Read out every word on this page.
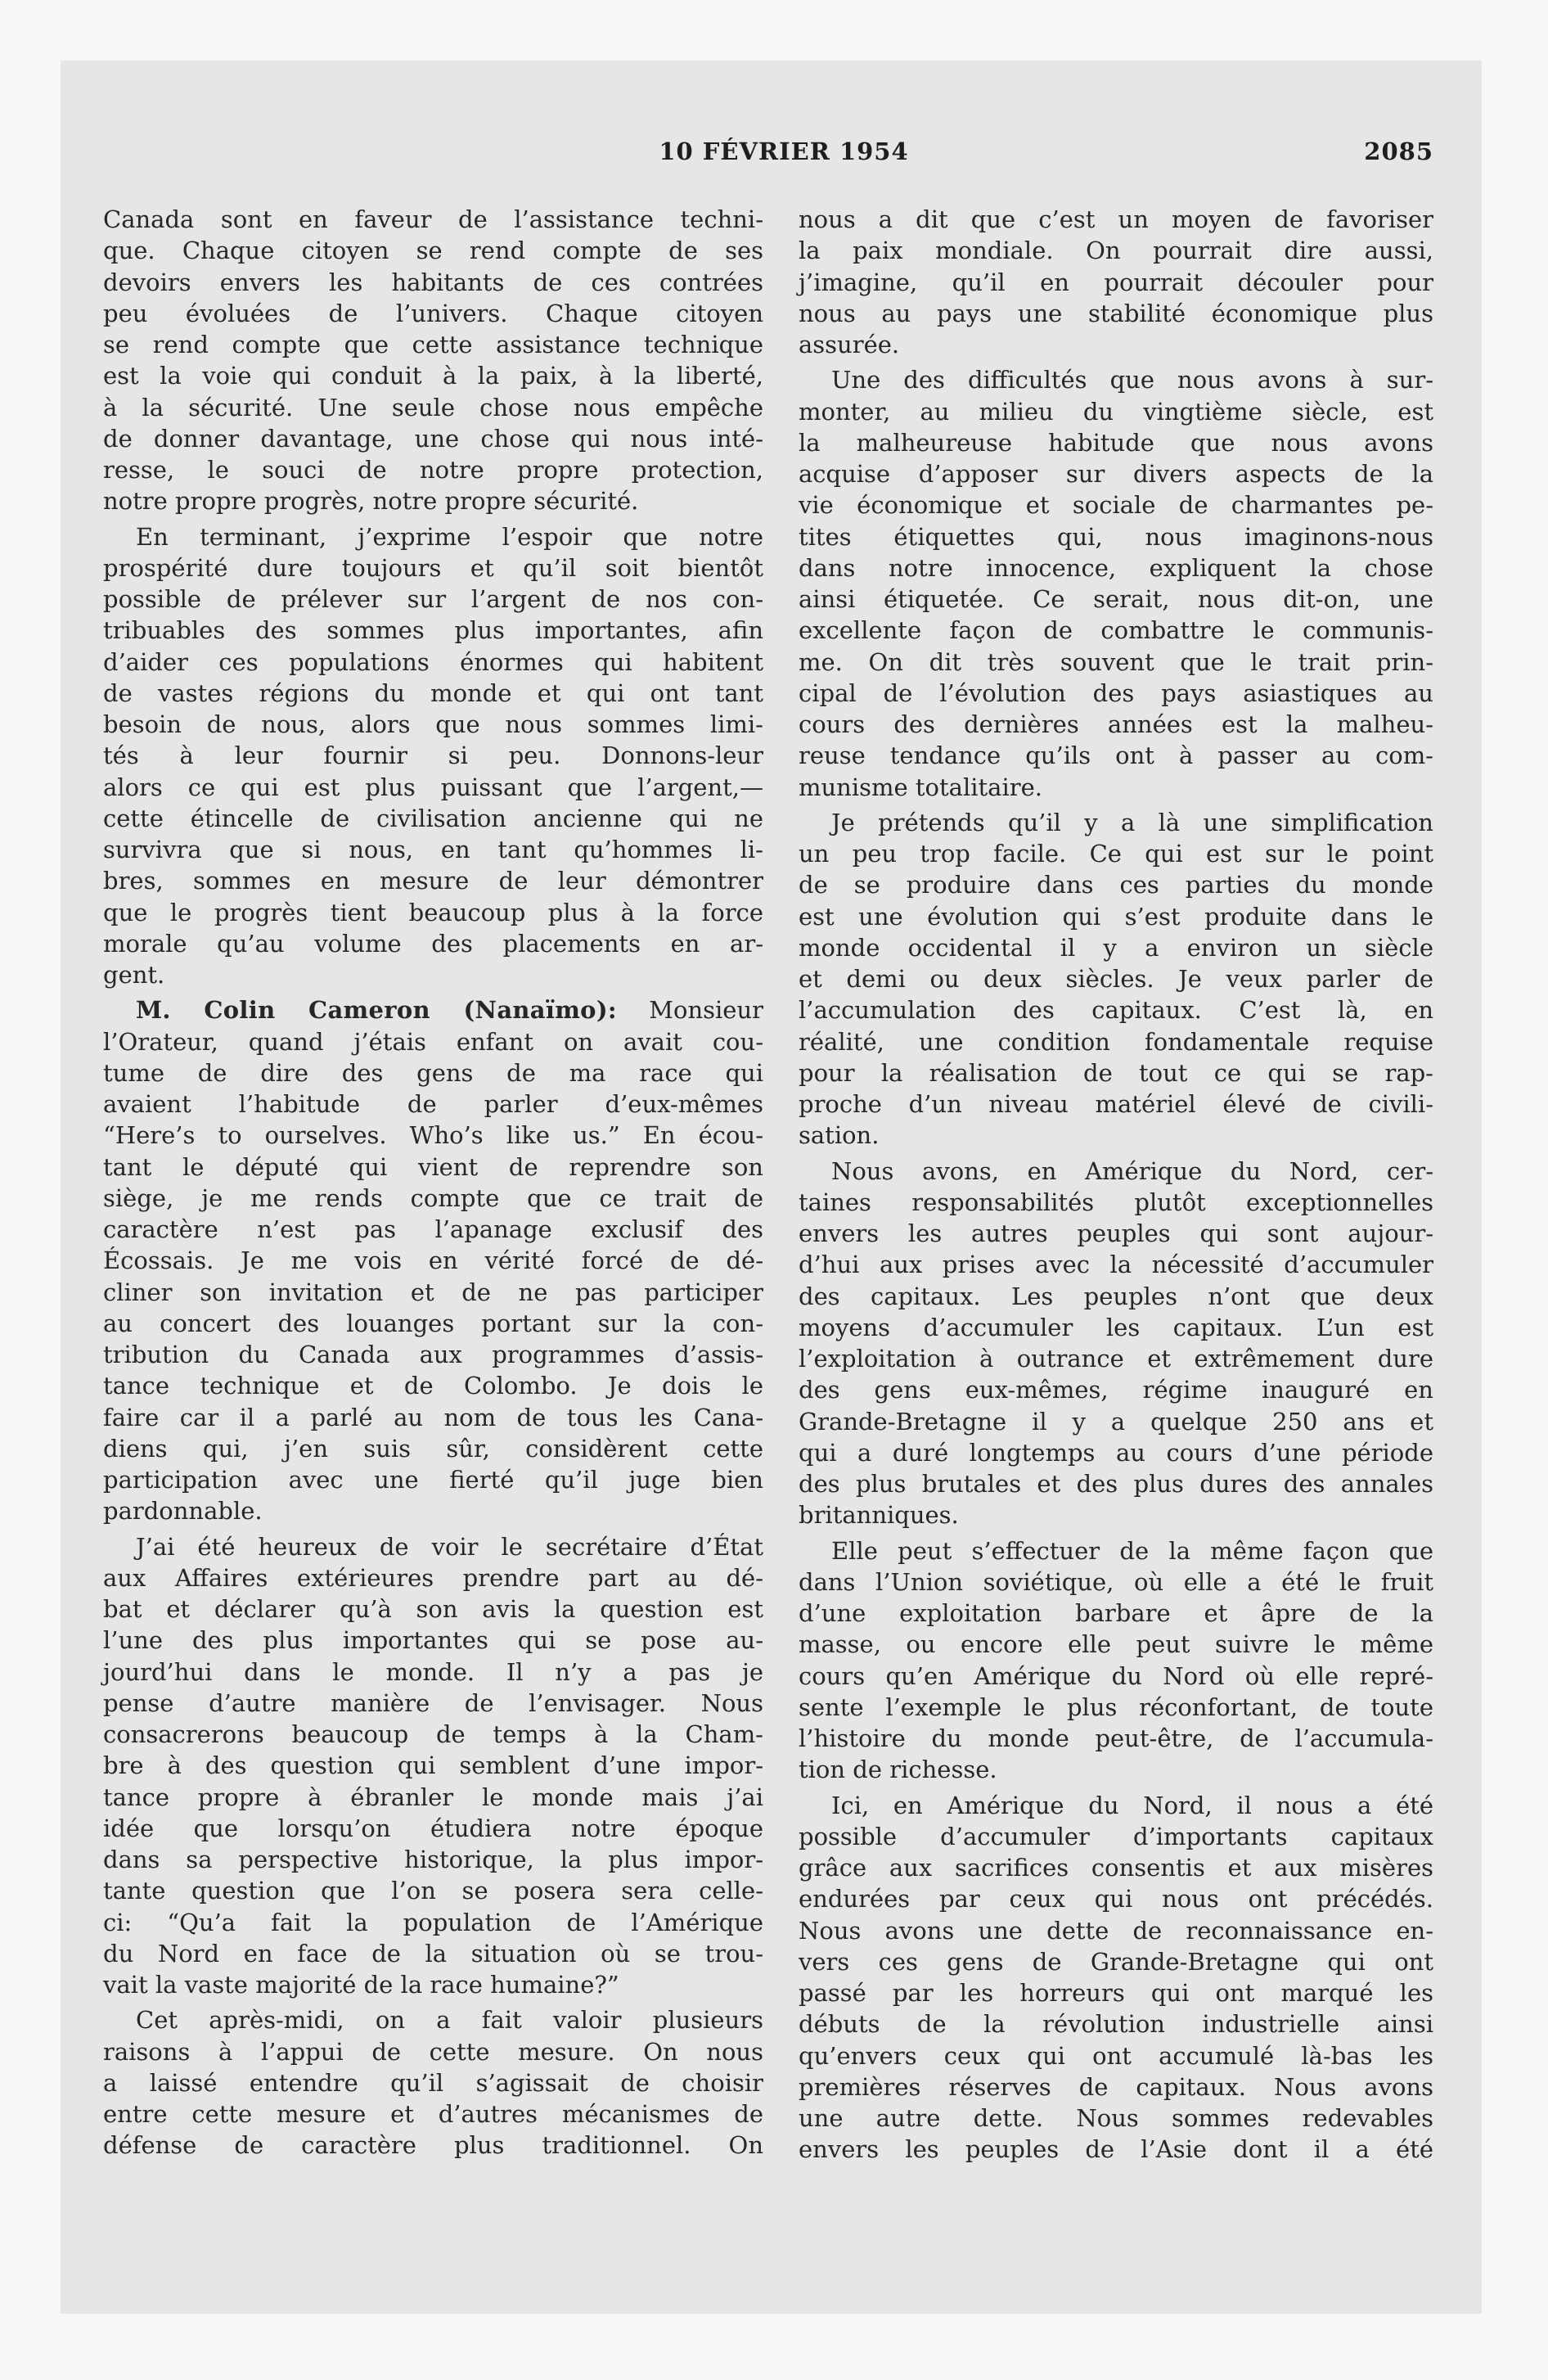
10 FÉVRIER 1954	2085
Canada sont en faveur de l’assistance techni-
que. Chaque citoyen se rend compte de ses
devoirs envers les habitants de ces contrées
peu évoluées de l’univers. Chaque citoyen
se rend compte que cette assistance technique
est la voie qui conduit à la paix, à la liberté,
à la sécurité. Une seule chose nous empêche
de donner davantage, une chose qui nous inté-
resse, le souci de notre propre protection,
notre propre progrès, notre propre sécurité.
En terminant, j’exprime l’espoir que notre
prospérité dure toujours et qu’il soit bientôt
possible de prélever sur l’argent de nos con-
tribuables des sommes plus importantes, afin
d’aider ces populations énormes qui habitent
de vastes régions du monde et qui ont tant
besoin de nous, alors que nous sommes limi-
tés à leur fournir si peu. Donnons-leur
alors ce qui est plus puissant que l’argent,—
cette étincelle de civilisation ancienne qui ne
survivra que si nous, en tant qu’hommes li-
bres, sommes en mesure de leur démontrer
que le progrès tient beaucoup plus à la force
morale qu’au volume des placements en ar-
gent.
M. Colin Cameron (Nanaïmo): Monsieur
l’Orateur, quand j’étais enfant on avait cou-
tume de dire des gens de ma race qui
avaient l’habitude de parler d’eux-mêmes
“Here’s to ourselves. Who’s like us.” En écou-
tant le député qui vient de reprendre son
siège, je me rends compte que ce trait de
caractère n’est pas l’apanage exclusif des
Écossais. Je me vois en vérité forcé de dé-
cliner son invitation et de ne pas participer
au concert des louanges portant sur la con-
tribution du Canada aux programmes d’assis-
tance technique et de Colombo. Je dois le
faire car il a parlé au nom de tous les Cana-
diens qui, j’en suis sûr, considèrent cette
participation avec une fierté qu’il juge bien
pardonnable.
J’ai été heureux de voir le secrétaire d’État
aux Affaires extérieures prendre part au dé-
bat et déclarer qu’à son avis la question est
l’une des plus importantes qui se pose au-
jourd’hui dans le monde. Il n’y a pas je
pense d’autre manière de l’envisager. Nous
consacrerons beaucoup de temps à la Cham-
bre à des question qui semblent d’une impor-
tance propre à ébranler le monde mais j’ai
idée que lorsqu’on étudiera notre époque
dans sa perspective historique, la plus impor-
tante question que l’on se posera sera celle-
ci: “Qu’a fait la population de l’Amérique
du Nord en face de la situation où se trou-
vait la vaste majorité de la race humaine?”
Cet après-midi, on a fait valoir plusieurs
raisons à l’appui de cette mesure. On nous
a laissé entendre qu’il s’agissait de choisir
entre cette mesure et d’autres mécanismes de
défense de caractère plus traditionnel. On
nous a dit que c’est un moyen de favoriser
la paix mondiale. On pourrait dire aussi,
j’imagine, qu’il en pourrait découler pour
nous au pays une stabilité économique plus
assurée.
Une des difficultés que nous avons à sur-
monter, au milieu du vingtième siècle, est
la malheureuse habitude que nous avons
acquise d’apposer sur divers aspects de la
vie économique et sociale de charmantes pe-
tites étiquettes qui, nous imaginons-nous
dans notre innocence, expliquent la chose
ainsi étiquetée. Ce serait, nous dit-on, une
excellente façon de combattre le communis-
me. On dit très souvent que le trait prin-
cipal de l’évolution des pays asiastiques au
cours des dernières années est la malheu-
reuse tendance qu’ils ont à passer au com-
munisme totalitaire.
Je prétends qu’il y a là une simplification
un peu trop facile. Ce qui est sur le point
de se produire dans ces parties du monde
est une évolution qui s’est produite dans le
monde occidental il y a environ un siècle
et demi ou deux siècles. Je veux parler de
l’accumulation des capitaux. C’est là, en
réalité, une condition fondamentale requise
pour la réalisation de tout ce qui se rap-
proche d’un niveau matériel élevé de civili-
sation.
Nous avons, en Amérique du Nord, cer-
taines responsabilités plutôt exceptionnelles
envers les autres peuples qui sont aujour-
d’hui aux prises avec la nécessité d’accumuler
des capitaux. Les peuples n’ont que deux
moyens d’accumuler les capitaux. L’un est
l’exploitation à outrance et extrêmement dure
des gens eux-mêmes, régime inauguré en
Grande-Bretagne il y a quelque 250 ans et
qui a duré longtemps au cours d’une période
des plus brutales et des plus dures des annales
britanniques.
Elle peut s’effectuer de la même façon que
dans l’Union soviétique, où elle a été le fruit
d’une exploitation barbare et âpre de la
masse, ou encore elle peut suivre le même
cours qu’en Amérique du Nord où elle repré-
sente l’exemple le plus réconfortant, de toute
l’histoire du monde peut-être, de l’accumula-
tion de richesse.
Ici, en Amérique du Nord, il nous a été
possible d’accumuler d’importants capitaux
grâce aux sacrifices consentis et aux misères
endurées par ceux qui nous ont précédés.
Nous avons une dette de reconnaissance en-
vers ces gens de Grande-Bretagne qui ont
passé par les horreurs qui ont marqué les
débuts de la révolution industrielle ainsi
qu’envers ceux qui ont accumulé là-bas les
premières réserves de capitaux. Nous avons
une autre dette. Nous sommes redevables
envers les peuples de l’Asie dont il a été
